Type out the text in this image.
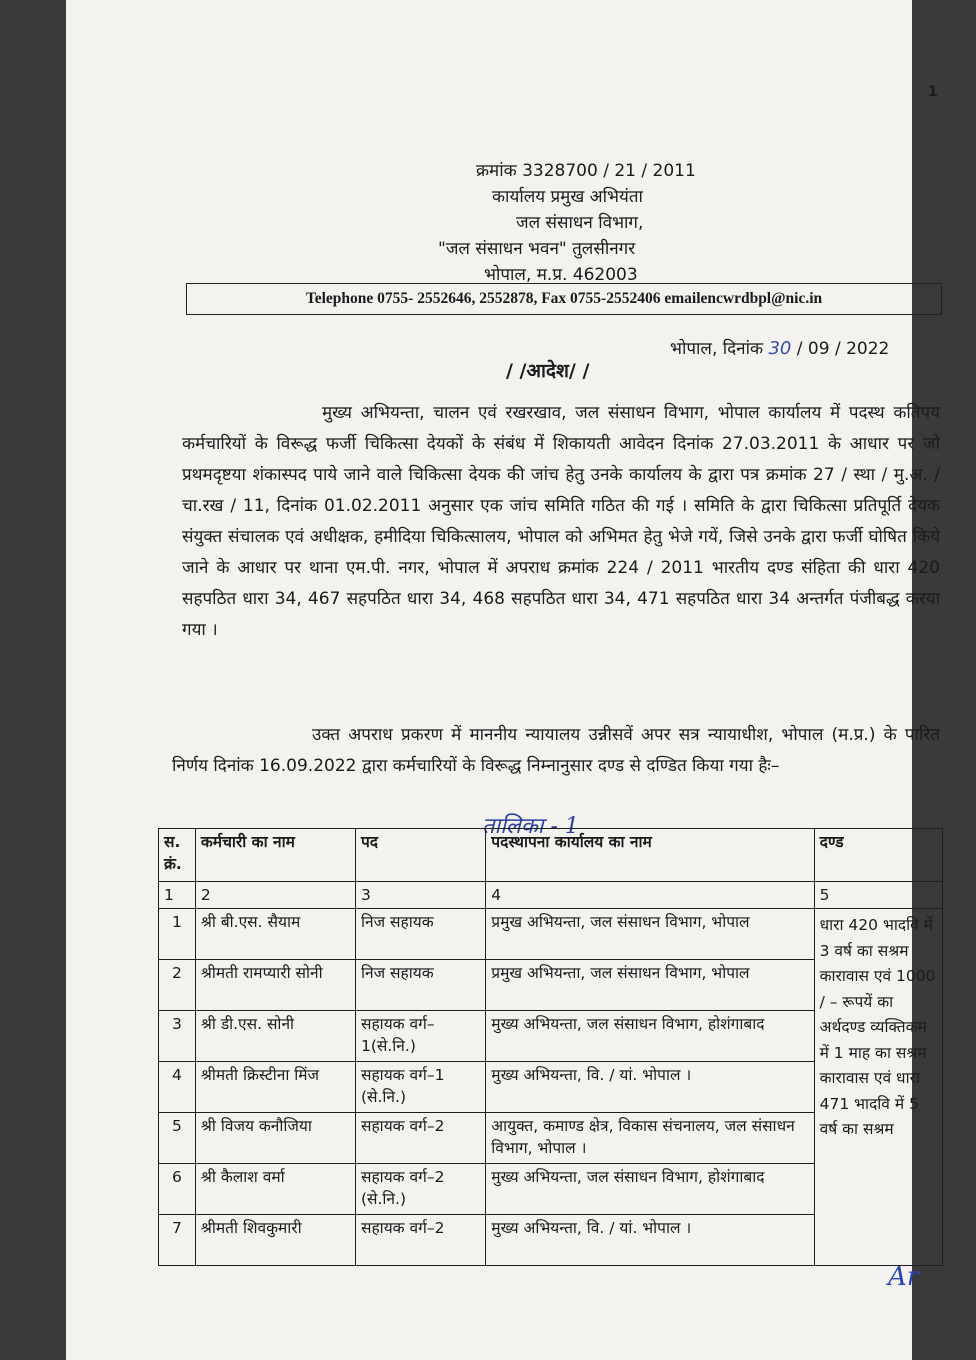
1
क्रमांक 3328700 / 21 / 2011
कार्यालय प्रमुख अभियंता
जल संसाधन विभाग,
"जल संसाधन भवन" तुलसीनगर
भोपाल, म.प्र. 462003
Telephone 0755- 2552646, 2552878, Fax 0755-2552406 emailencwrdbpl@nic.in
भोपाल, दिनांक 30 / 09 / 2022
/ /आदेश/ /
मुख्य अभियन्ता, चालन एवं रखरखाव, जल संसाधन विभाग, भोपाल कार्यालय में पदस्थ कतिपय कर्मचारियों के विरूद्ध फर्जी चिकित्सा देयकों के संबंध में शिकायती आवेदन दिनांक 27.03.2011 के आधार पर जो प्रथमदृष्टया शंकास्पद पाये जाने वाले चिकित्सा देयक की जांच हेतु उनके कार्यालय के द्वारा पत्र क्रमांक 27 / स्था / मु.अ. / चा.रख / 11, दिनांक 01.02.2011 अनुसार एक जांच समिति गठित की गई । समिति के द्वारा चिकित्सा प्रतिपूर्ति देयक संयुक्त संचालक एवं अधीक्षक, हमीदिया चिकित्सालय, भोपाल को अभिमत हेतु भेजे गयें, जिसे उनके द्वारा फर्जी घोषित किये जाने के आधार पर थाना एम.पी. नगर, भोपाल में अपराध क्रमांक 224 / 2011 भारतीय दण्ड संहिता की धारा 420 सहपठित धारा 34, 467 सहपठित धारा 34, 468 सहपठित धारा 34, 471 सहपठित धारा 34 अन्तर्गत पंजीबद्ध करया गया ।
उक्त अपराध प्रकरण में माननीय न्यायालय उन्नीसवें अपर सत्र न्यायाधीश, भोपाल (म.प्र.) के पारित निर्णय दिनांक 16.09.2022 द्वारा कर्मचारियों के विरूद्ध निम्नानुसार दण्ड से दण्डित किया गया हैः–
तालिका - 1
स. क्रं.	कर्मचारी का नाम	पद	पदस्थापना कार्यालय का नाम	दण्ड
1	2	3	4	5
1	श्री बी.एस. सैयाम	निज सहायक	प्रमुख अभियन्ता, जल संसाधन विभाग, भोपाल	धारा 420 भादवि में 3 वर्ष का सश्रम कारावास एवं 1000 / – रूपयें का अर्थदण्ड व्यक्तिकम में 1 माह का सश्रम कारावास एवं धारा 471 भादवि में 5 वर्ष का सश्रम
2	श्रीमती रामप्यारी सोनी	निज सहायक	प्रमुख अभियन्ता, जल संसाधन विभाग, भोपाल	
3	श्री डी.एस. सोनी	सहायक वर्ग–1(से.नि.)	मुख्य अभियन्ता, जल संसाधन विभाग, होशंगाबाद	
4	श्रीमती क्रिस्टीना मिंज	सहायक वर्ग–1 (से.नि.)	मुख्य अभियन्ता, वि. / यां. भोपाल ।	
5	श्री विजय कनौजिया	सहायक वर्ग–2	आयुक्त, कमाण्ड क्षेत्र, विकास संचनालय, जल संसाधन विभाग, भोपाल ।	
6	श्री कैलाश वर्मा	सहायक वर्ग–2 (से.नि.)	मुख्य अभियन्ता, जल संसाधन विभाग, होशंगाबाद	
7	श्रीमती शिवकुमारी	सहायक वर्ग–2	मुख्य अभियन्ता, वि. / यां. भोपाल ।	
Ar
